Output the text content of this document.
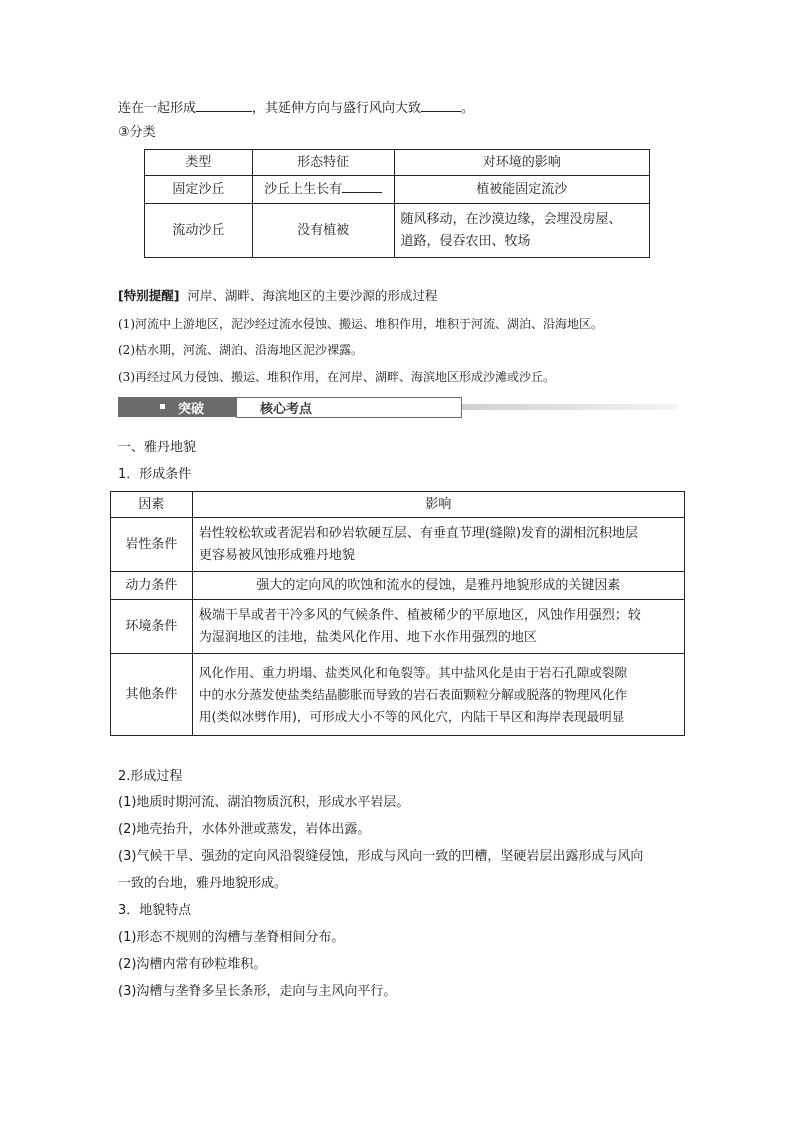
连在一起形成	，其延伸方向与盛行风向大致	。
③分类
类型	形态特征	对环境的影响
固定沙丘	沙丘上生长有	植被能固定流沙
流动沙丘	没有植被	随风移动，在沙漠边缘，会埋没房屋、
道路，侵吞农田、牧场
[特别提醒] 河岸、湖畔、海滨地区的主要沙源的形成过程
(1)河流中上游地区，泥沙经过流水侵蚀、搬运、堆积作用，堆积于河流、湖泊、沿海地区。
(2)枯水期，河流、湖泊、沿海地区泥沙裸露。
(3)再经过风力侵蚀、搬运、堆积作用，在河岸、湖畔、海滨地区形成沙滩或沙丘。
突破	核心考点
一、雅丹地貌
1．形成条件
因素	影响
岩性条件	岩性较松软或者泥岩和砂岩软硬互层、有垂直节理(缝隙)发育的湖相沉积地层
更容易被风蚀形成雅丹地貌

动力条件	强大的定向风的吹蚀和流水的侵蚀，是雅丹地貌形成的关键因素
环境条件	极端干旱或者干冷多风的气候条件、植被稀少的平原地区，风蚀作用强烈；较
为湿润地区的洼地，盐类风化作用、地下水作用强烈的地区

其他条件	风化作用、重力坍塌、盐类风化和龟裂等。其中盐风化是由于岩石孔隙或裂隙
中的水分蒸发使盐类结晶膨胀而导致的岩石表面颗粒分解或脱落的物理风化作
用(类似冰劈作用)，可形成大小不等的风化穴，内陆干旱区和海岸表现最明显
2.形成过程
(1)地质时期河流、湖泊物质沉积，形成水平岩层。
(2)地壳抬升，水体外泄或蒸发，岩体出露。
(3)气候干旱、强劲的定向风沿裂缝侵蚀，形成与风向一致的凹槽，坚硬岩层出露形成与风向
一致的台地，雅丹地貌形成。
3．地貌特点
(1)形态不规则的沟槽与垄脊相间分布。
(2)沟槽内常有砂粒堆积。
(3)沟槽与垄脊多呈长条形，走向与主风向平行。
